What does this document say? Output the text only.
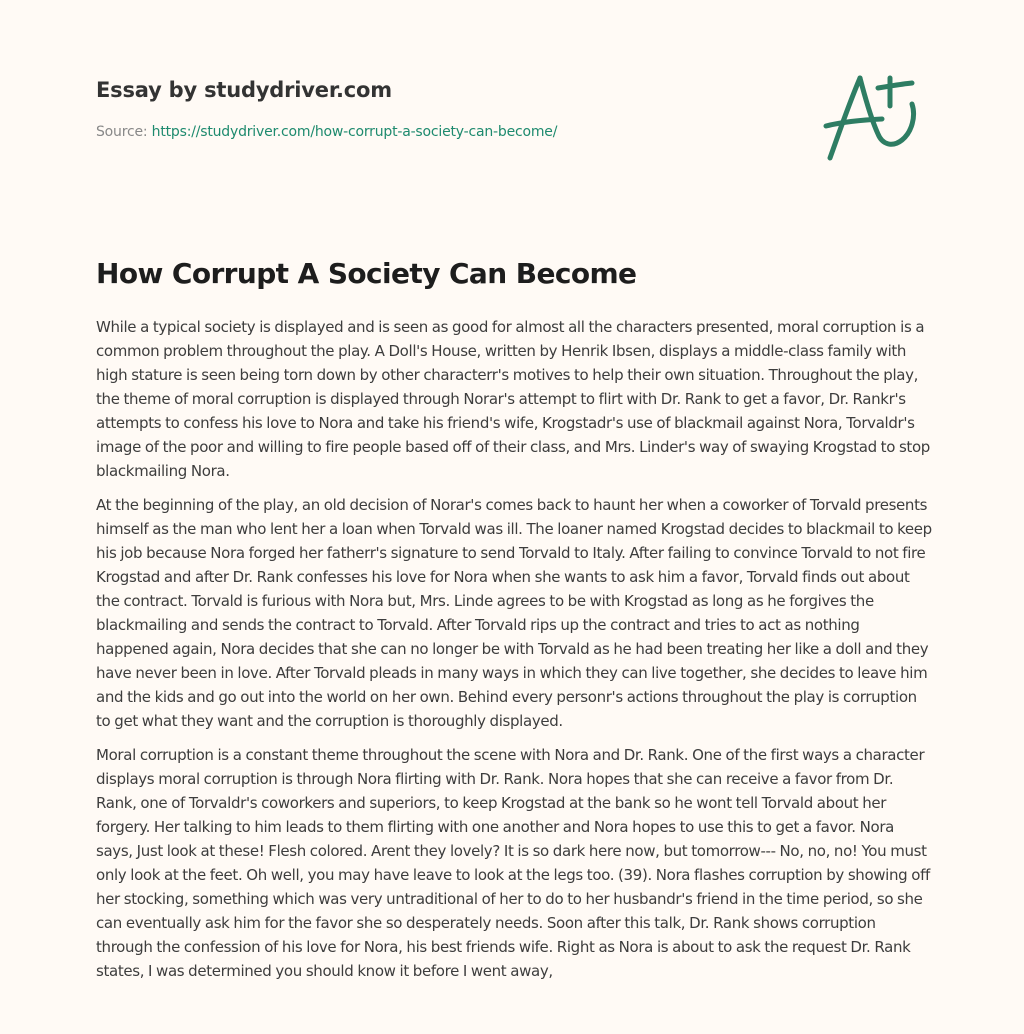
Essay by studydriver.com
Source: https://studydriver.com/how-corrupt-a-society-can-become/
How Corrupt A Society Can Become

While a typical society is displayed and is seen as good for almost all the characters presented, moral corruption is a common problem throughout the play. A Doll's House, written by Henrik Ibsen, displays a middle-class family with high stature is seen being torn down by other characterr's motives to help their own situation. Throughout the play, the theme of moral corruption is displayed through Norar's attempt to flirt with Dr. Rank to get a favor, Dr. Rankr's attempts to confess his love to Nora and take his friend's wife, Krogstadr's use of blackmail against Nora, Torvaldr's image of the poor and willing to fire people based off of their class, and Mrs. Linder's way of swaying Krogstad to stop blackmailing Nora.

At the beginning of the play, an old decision of Norar's comes back to haunt her when a coworker of Torvald presents himself as the man who lent her a loan when Torvald was ill. The loaner named Krogstad decides to blackmail to keep his job because Nora forged her fatherr's signature to send Torvald to Italy. After failing to convince Torvald to not fire Krogstad and after Dr. Rank confesses his love for Nora when she wants to ask him a favor, Torvald finds out about the contract. Torvald is furious with Nora but, Mrs. Linde agrees to be with Krogstad as long as he forgives the blackmailing and sends the contract to Torvald. After Torvald rips up the contract and tries to act as nothing happened again, Nora decides that she can no longer be with Torvald as he had been treating her like a doll and they have never been in love. After Torvald pleads in many ways in which they can live together, she decides to leave him and the kids and go out into the world on her own. Behind every personr's actions throughout the play is corruption to get what they want and the corruption is thoroughly displayed.

Moral corruption is a constant theme throughout the scene with Nora and Dr. Rank. One of the first ways a character displays moral corruption is through Nora flirting with Dr. Rank. Nora hopes that she can receive a favor from Dr. Rank, one of Torvaldr's coworkers and superiors, to keep Krogstad at the bank so he wont tell Torvald about her forgery. Her talking to him leads to them flirting with one another and Nora hopes to use this to get a favor. Nora says, Just look at these! Flesh colored. Arent they lovely? It is so dark here now, but tomorrow--- No, no, no! You must only look at the feet. Oh well, you may have leave to look at the legs too. (39). Nora flashes corruption by showing off her stocking, something which was very untraditional of her to do to her husbandr's friend in the time period, so she can eventually ask him for the favor she so desperately needs. Soon after this talk, Dr. Rank shows corruption through the confession of his love for Nora, his best friends wife. Right as Nora is about to ask the request Dr. Rank states, I was determined you should know it before I went away,
